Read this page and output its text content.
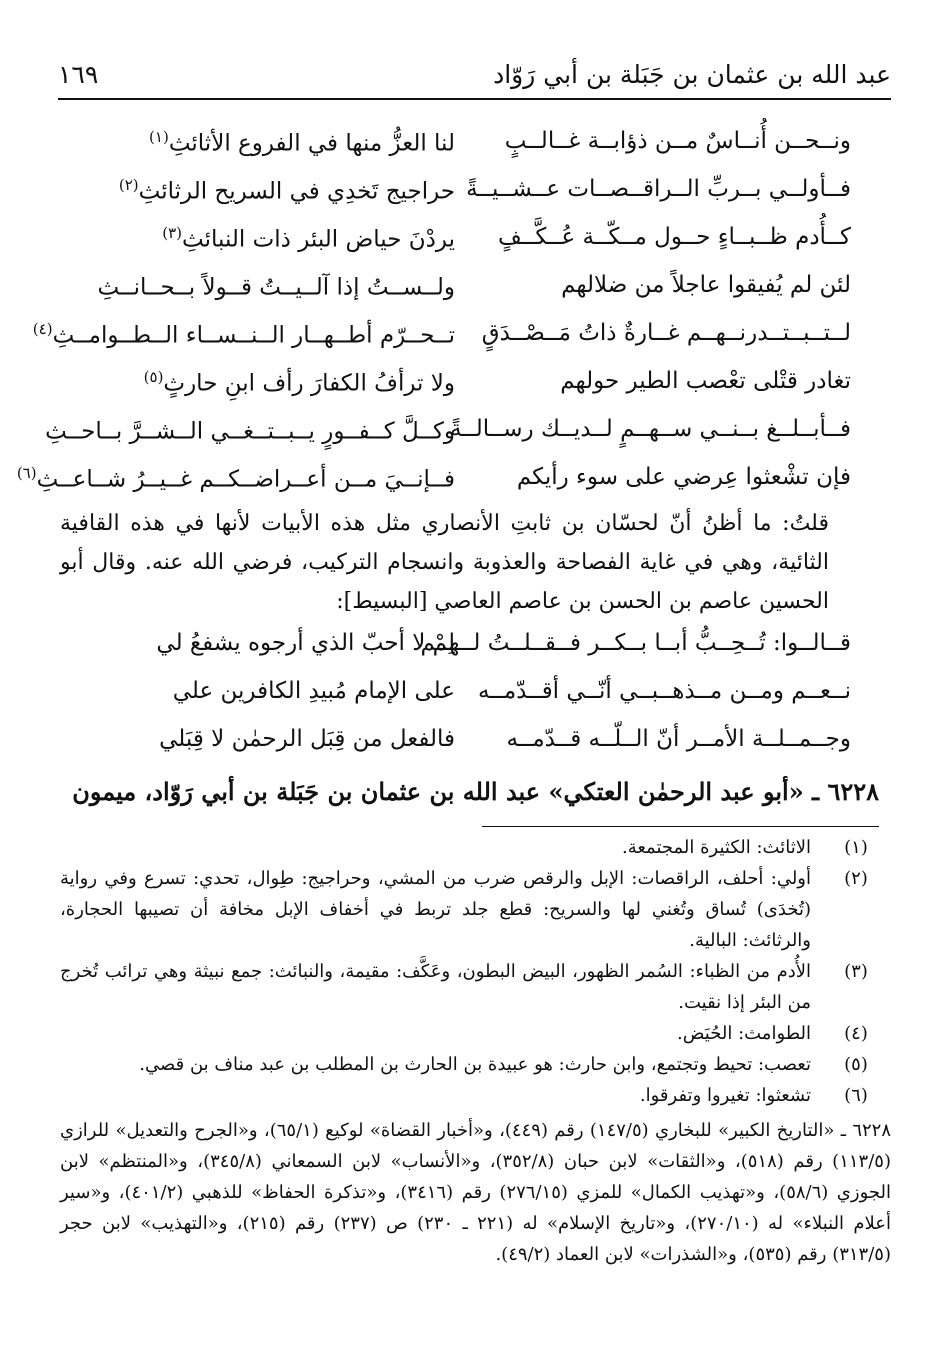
عبد الله بن عثمان بن جَبَلة بن أبي رَوّاد
١٦٩
ونــحــن أُنــاسٌ مــن ذؤابــة غــالــبٍ
لنا العزُّ منها في الفروع الأثائثِ$^{(١)}$
فــأولــي بــربِّ الــراقــصــات عــشــيــةً
حراجيج تَخدِي في السريح الرثائثِ$^{(٢)}$
كــأُدم ظــبــاءٍ حــول مــكّــة عُــكَّــفٍ
يردْنَ حياض البئر ذات النبائثِ$^{(٣)}$
لئن لم يُفيقوا عاجلاً من ضلالهم
ولــســتُ إذا آلــيــتُ قــولاً بــحــانــثِ
لــتــبــتــدرنــهــم غــارةٌ ذاتُ مَــصْــدَقٍ
تــحــرّم أطــهــار الــنــســاء الــطــوامــثِ$^{(٤)}$
تغادر قتْلى تعْصب الطير حولهم
ولا ترأفُ الكفارَ رأف ابنِ حارثٍ$^{(٥)}$
فــأبــلــغ بــنــي ســهــمٍ لــديــك رســالــةً
وكــلَّ كــفــورٍ يــبــتــغــي الــشــرَّ بــاحــثِ
فإن تشْعثوا عِرضي على سوء رأيكم
فــإنــيَ مــن أعــراضــكــم غــيــرُ شــاعــثِ$^{(٦)}$

قلتُ: ما أظنُ أنّ لحسّان بن ثابتِ الأنصاري مثل هذه الأبيات لأنها في هذه القافية الثائية، وهي في غاية الفصاحة والعذوبة وانسجام التركيب، فرضي الله عنه. وقال أبو الحسين عاصم بن الحسن بن عاصم العاصي [البسيط]:

قــالــوا: تُــحِــبُّ أبــا بــكــر فــقــلــتُ لــهــم
لِمْ لا أحبّ الذي أرجوه يشفعُ لي
نــعــم ومــن مــذهــبــي أنّــي أقــدّمــه
على الإمام مُبيدِ الكافرين علي
وجــمــلــة الأمــر أنّ الــلّــه قــدّمــه
فالفعل من قِبَل الرحمٰن لا قِبَلي
٦٢٢٨ ـ «أبو عبد الرحمٰن العتكي» عبد الله بن عثمان بن جَبَلة بن أبي رَوّاد، ميمون
(١)
الاثائث: الكثيرة المجتمعة.
(٢)
أولي: أحلف، الراقصات: الإبل والرقص ضرب من المشي، وحراجيج: طِوال، تحدي: تسرع وفي رواية (تُخدَى) تُساق وتُغني لها والسريح: قطع جلد تربط في أخفاف الإبل مخافة أن تصيبها الحجارة، والرثائث: البالية.
(٣)
الأُدم من الظباء: السُمر الظهور، البيض البطون، وعَكَّف: مقيمة، والنبائث: جمع نبيثة وهي ترائب تُخرج من البئر إذا نقيت.
(٤)
الطوامث: الحُيَض.
(٥)
تعصب: تحيط وتجتمع، وابن حارث: هو عبيدة بن الحارث بن المطلب بن عبد مناف بن قصي.
(٦)
تشعثوا: تغيروا وتفرقوا.
٦٢٢٨ ـ «التاريخ الكبير» للبخاري (١٤٧/٥) رقم (٤٤٩)، و«أخبار القضاة» لوكيع (٦٥/١)، و«الجرح والتعديل» للرازي (١١٣/٥) رقم (٥١٨)، و«الثقات» لابن حبان (٣٥٢/٨)، و«الأنساب» لابن السمعاني (٣٤٥/٨)، و«المنتظم» لابن الجوزي (٥٨/٦)، و«تهذيب الكمال» للمزي (٢٧٦/١٥) رقم (٣٤١٦)، و«تذكرة الحفاظ» للذهبي (٤٠١/٢)، و«سير أعلام النبلاء» له (٢٧٠/١٠)، و«تاريخ الإسلام» له (٢٢١ ـ ٢٣٠) ص (٢٣٧) رقم (٢١٥)، و«التهذيب» لابن حجر (٣١٣/٥) رقم (٥٣٥)، و«الشذرات» لابن العماد (٤٩/٢).
